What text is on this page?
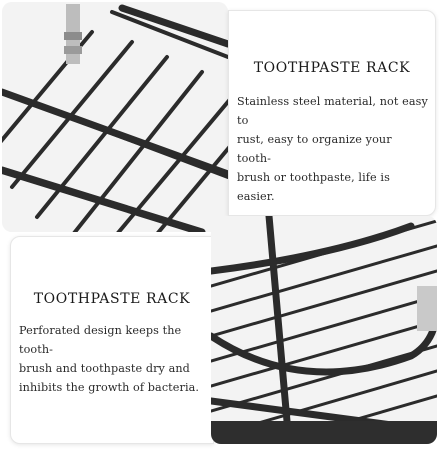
TOOTHPASTE RACK
Stainless steel material, not easy to
rust, easy to organize your tooth-
brush or toothpaste, life is easier.
TOOTHPASTE RACK
Perforated design keeps the tooth-
brush and toothpaste dry and
inhibits the growth of bacteria.
